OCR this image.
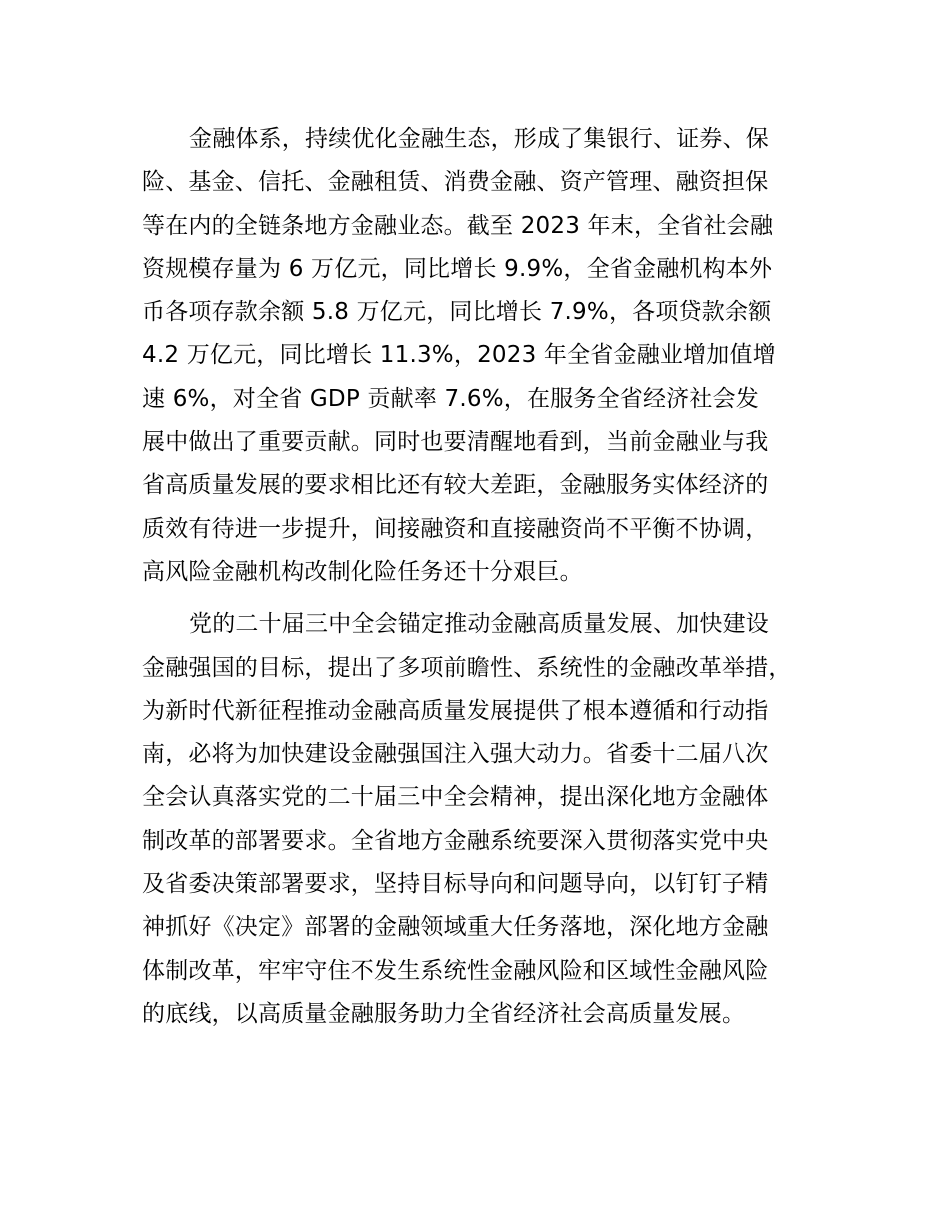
金融体系，持续优化金融生态，形成了集银行、证券、保
险、基金、信托、金融租赁、消费金融、资产管理、融资担保
等在内的全链条地方金融业态。截至 2023 年末，全省社会融
资规模存量为 6 万亿元，同比增长 9.9%，全省金融机构本外
币各项存款余额 5.8 万亿元，同比增长 7.9%，各项贷款余额
4.2 万亿元，同比增长 11.3%，2023 年全省金融业增加值增
速 6%，对全省 GDP 贡献率 7.6%，在服务全省经济社会发
展中做出了重要贡献。同时也要清醒地看到，当前金融业与我
省高质量发展的要求相比还有较大差距，金融服务实体经济的
质效有待进一步提升，间接融资和直接融资尚不平衡不协调，
高风险金融机构改制化险任务还十分艰巨。

党的二十届三中全会锚定推动金融高质量发展、加快建设
金融强国的目标，提出了多项前瞻性、系统性的金融改革举措，
为新时代新征程推动金融高质量发展提供了根本遵循和行动指
南，必将为加快建设金融强国注入强大动力。省委十二届八次
全会认真落实党的二十届三中全会精神，提出深化地方金融体
制改革的部署要求。全省地方金融系统要深入贯彻落实党中央
及省委决策部署要求，坚持目标导向和问题导向，以钉钉子精
神抓好《决定》部署的金融领域重大任务落地，深化地方金融
体制改革，牢牢守住不发生系统性金融风险和区域性金融风险
的底线，以高质量金融服务助力全省经济社会高质量发展。
